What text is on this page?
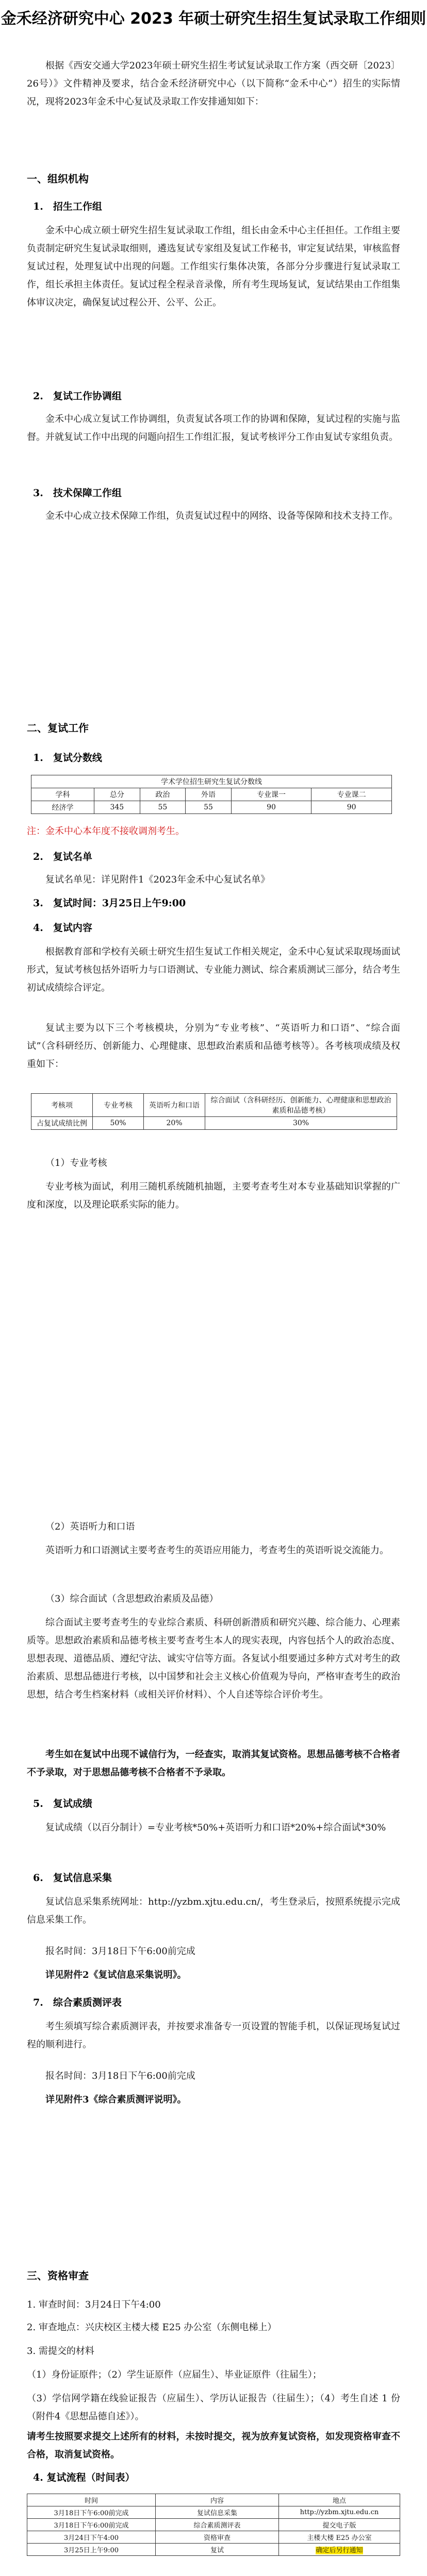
金禾经济研究中心 2023 年硕士研究生招生复试录取工作细则
根据《西安交通大学2023年硕士研究生招生考试复试录取工作方案（西交研〔2023〕26号）》文件精神及要求，结合金禾经济研究中心（以下简称“金禾中心”）招生的实际情况，现将2023年金禾中心复试及录取工作安排通知如下：
一、组织机构
1.　招生工作组
金禾中心成立硕士研究生招生复试录取工作组，组长由金禾中心主任担任。工作组主要负责制定研究生复试录取细则，遴选复试专家组及复试工作秘书，审定复试结果，审核监督复试过程，处理复试中出现的问题。工作组实行集体决策，各部分分步骤进行复试录取工作，组长承担主体责任。复试过程全程录音录像，所有考生现场复试，复试结果由工作组集体审议决定，确保复试过程公开、公平、公正。
2.　复试工作协调组
金禾中心成立复试工作协调组，负责复试各项工作的协调和保障，复试过程的实施与监督。并就复试工作中出现的问题向招生工作组汇报，复试考核评分工作由复试专家组负责。
3.　技术保障工作组
金禾中心成立技术保障工作组，负责复试过程中的网络、设备等保障和技术支持工作。
二、复试工作
1.　复试分数线
学术学位招生研究生复试分数线					
学科	总分	政治	外语	专业课一	专业课二
经济学	345	55	55	90	90
注：金禾中心本年度不接收调剂考生。
2.　复试名单
复试名单见：详见附件1《2023年金禾中心复试名单》
3.　复试时间：3月25日上午9:00
4.　复试内容
根据教育部和学校有关硕士研究生招生复试工作相关规定，金禾中心复试采取现场面试形式，复试考核包括外语听力与口语测试、专业能力测试、综合素质测试三部分，结合考生初试成绩综合评定。
复试主要为以下三个考核模块，分别为“专业考核”、“英语听力和口语”、“综合面试”（含科研经历、创新能力、心理健康、思想政治素质和品德考核等）。各考核项成绩及权重如下：
考核项	专业考核	英语听力和口语	综合面试（含科研经历、创新能力、心理健康和思想政治素质和品德考核）
占复试成绩比例	50%	20%	30%
（1）专业考核
专业考核为面试，利用三随机系统随机抽题，主要考查考生对本专业基础知识掌握的广度和深度，以及理论联系实际的能力。
（2）英语听力和口语
英语听力和口语测试主要考查考生的英语应用能力，考查考生的英语听说交流能力。
（3）综合面试（含思想政治素质及品德）
综合面试主要考查考生的专业综合素质、科研创新潜质和研究兴趣、综合能力、心理素质等。思想政治素质和品德考核主要考查考生本人的现实表现，内容包括个人的政治态度、思想表现、道德品质、遵纪守法、诚实守信等方面。各复试小组要通过多种方式对考生的政治素质、思想品德进行考核，以中国梦和社会主义核心价值观为导向，严格审查考生的政治思想，结合考生档案材料（或相关评价材料）、个人自述等综合评价考生。
考生如在复试中出现不诚信行为，一经查实，取消其复试资格。思想品德考核不合格者不予录取，对于思想品德考核不合格者不予录取。
5.　复试成绩
复试成绩（以百分制计）=专业考核*50%+英语听力和口语*20%+综合面试*30%
6.　复试信息采集
复试信息采集系统网址：http://yzbm.xjtu.edu.cn/，考生登录后，按照系统提示完成信息采集工作。
报名时间：3月18日下午6:00前完成
详见附件2《复试信息采集说明》。
7.　综合素质测评表
考生须填写综合素质测评表，并按要求准备专一页设置的智能手机，以保证现场复试过程的顺利进行。
报名时间：3月18日下午6:00前完成
详见附件3《综合素质测评说明》。
三、资格审查
1. 审查时间：3月24日下午4:00
2. 审查地点：兴庆校区主楼大楼 E25 办公室（东侧电梯上）
3. 需提交的材料
（1）身份证原件；（2）学生证原件（应届生）、毕业证原件（往届生）；
（3）学信网学籍在线验证报告（应届生）、学历认证报告（往届生）；（4）考生自述 1 份（附件4《思想品德自述》）。
请考生按照要求提交上述所有的材料，未按时提交，视为放弃复试资格，如发现资格审查不合格，取消复试资格。
4. 复试流程（时间表）
时间	内容	地点
3月18日下午6:00前完成	复试信息采集	http://yzbm.xjtu.edu.cn
3月18日下午6:00前完成	综合素质测评表	提交电子版
3月24日下午4:00	资格审查	主楼大楼 E25 办公室
3月25日上午9:00	复试	确定后另行通知
